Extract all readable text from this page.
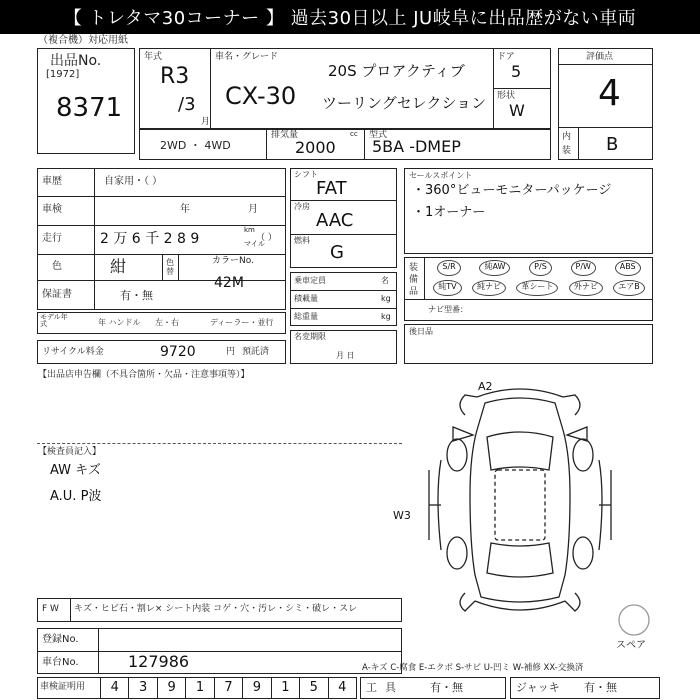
【 トレタマ30コーナー 】 過去30日以上 JU岐阜に出品歴がない車両
（複合機）対応用紙
出品No.
[1972]
8371
年式
R3
/3
月
車名・グレード
CX-30
20S プロアクティブ
ツーリングセレクション
ドア
5
形状
W
評価点
4
内装 B
2WD ・ 4WD
排気量	cc
2000
型式
5BA -DMEP
車歴	自家用・（ ）
車検	年	月
走行	2 万 6 千 2 8 9
km
マイル
（ ）
色	紺	色替
カラーNo.
42M
保証書	有・無
モデル年式	年 ハンドル 左・右	ディーラー・並行
リサイクル料金	9720	円 預託済
シフト
FAT
冷房
AAC
燃料
G
乗車定員	名
積載量	kg
総重量	kg
名変期限
月 日
セールスポイント
・360°ビューモニターパッケージ
・1オーナー
装備品
S/R	純AW	P/S	P/W	ABS
純TV	純ナビ	革シート	外ナビ	エアB
ナビ型番：
後日品
【出品店申告欄（不具合箇所・欠品・注意事項等）】
【検査員記入】
AW キズ
A.U. P波
キズ・ヒビ石・割レ× シート内装 コゲ・穴・汚レ・シミ・破レ・スレ
F W
登録No.
車台No.	127986
車検証明用	4	3	9	1	7	9	1	5	4	工具 有・無	ジャッキ 有・無
A-キズ C-腐食 E-エクボ S-サビ U-凹ミ W-補修 XX-交換済
スペア
A2
W3
